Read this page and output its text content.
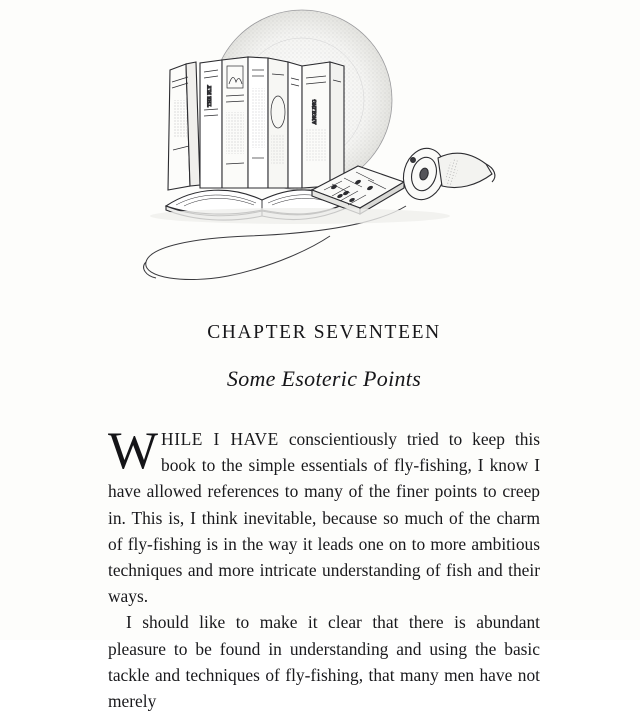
THE FLY
ANGLING
CHAPTER SEVENTEEN
Some Esoteric Points

WHILE I HAVE conscientiously tried to keep this book to the simple essentials of fly-fishing, I know I have allowed references to many of the finer points to creep in. This is, I think inevitable, because so much of the charm of fly-fishing is in the way it leads one on to more ambitious techniques and more intricate understanding of fish and their ways.

I should like to make it clear that there is abundant pleasure to be found in understanding and using the basic tackle and techniques of fly-fishing, that many men have not merely
